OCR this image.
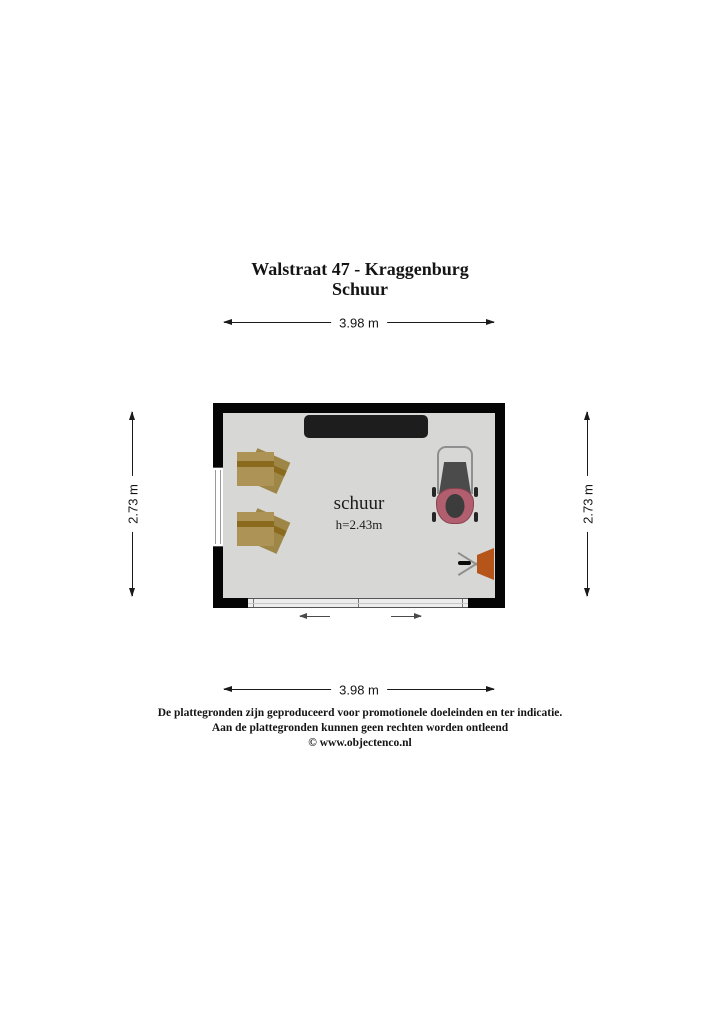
Walstraat 47 - Kraggenburg
Schuur
3.98 m
2.73 m	2.73 m
schuur
h=2.43m
3.98 m
De plattegronden zijn geproduceerd voor promotionele doeleinden en ter indicatie.
Aan de plattegronden kunnen geen rechten worden ontleend
© www.objectenco.nl
